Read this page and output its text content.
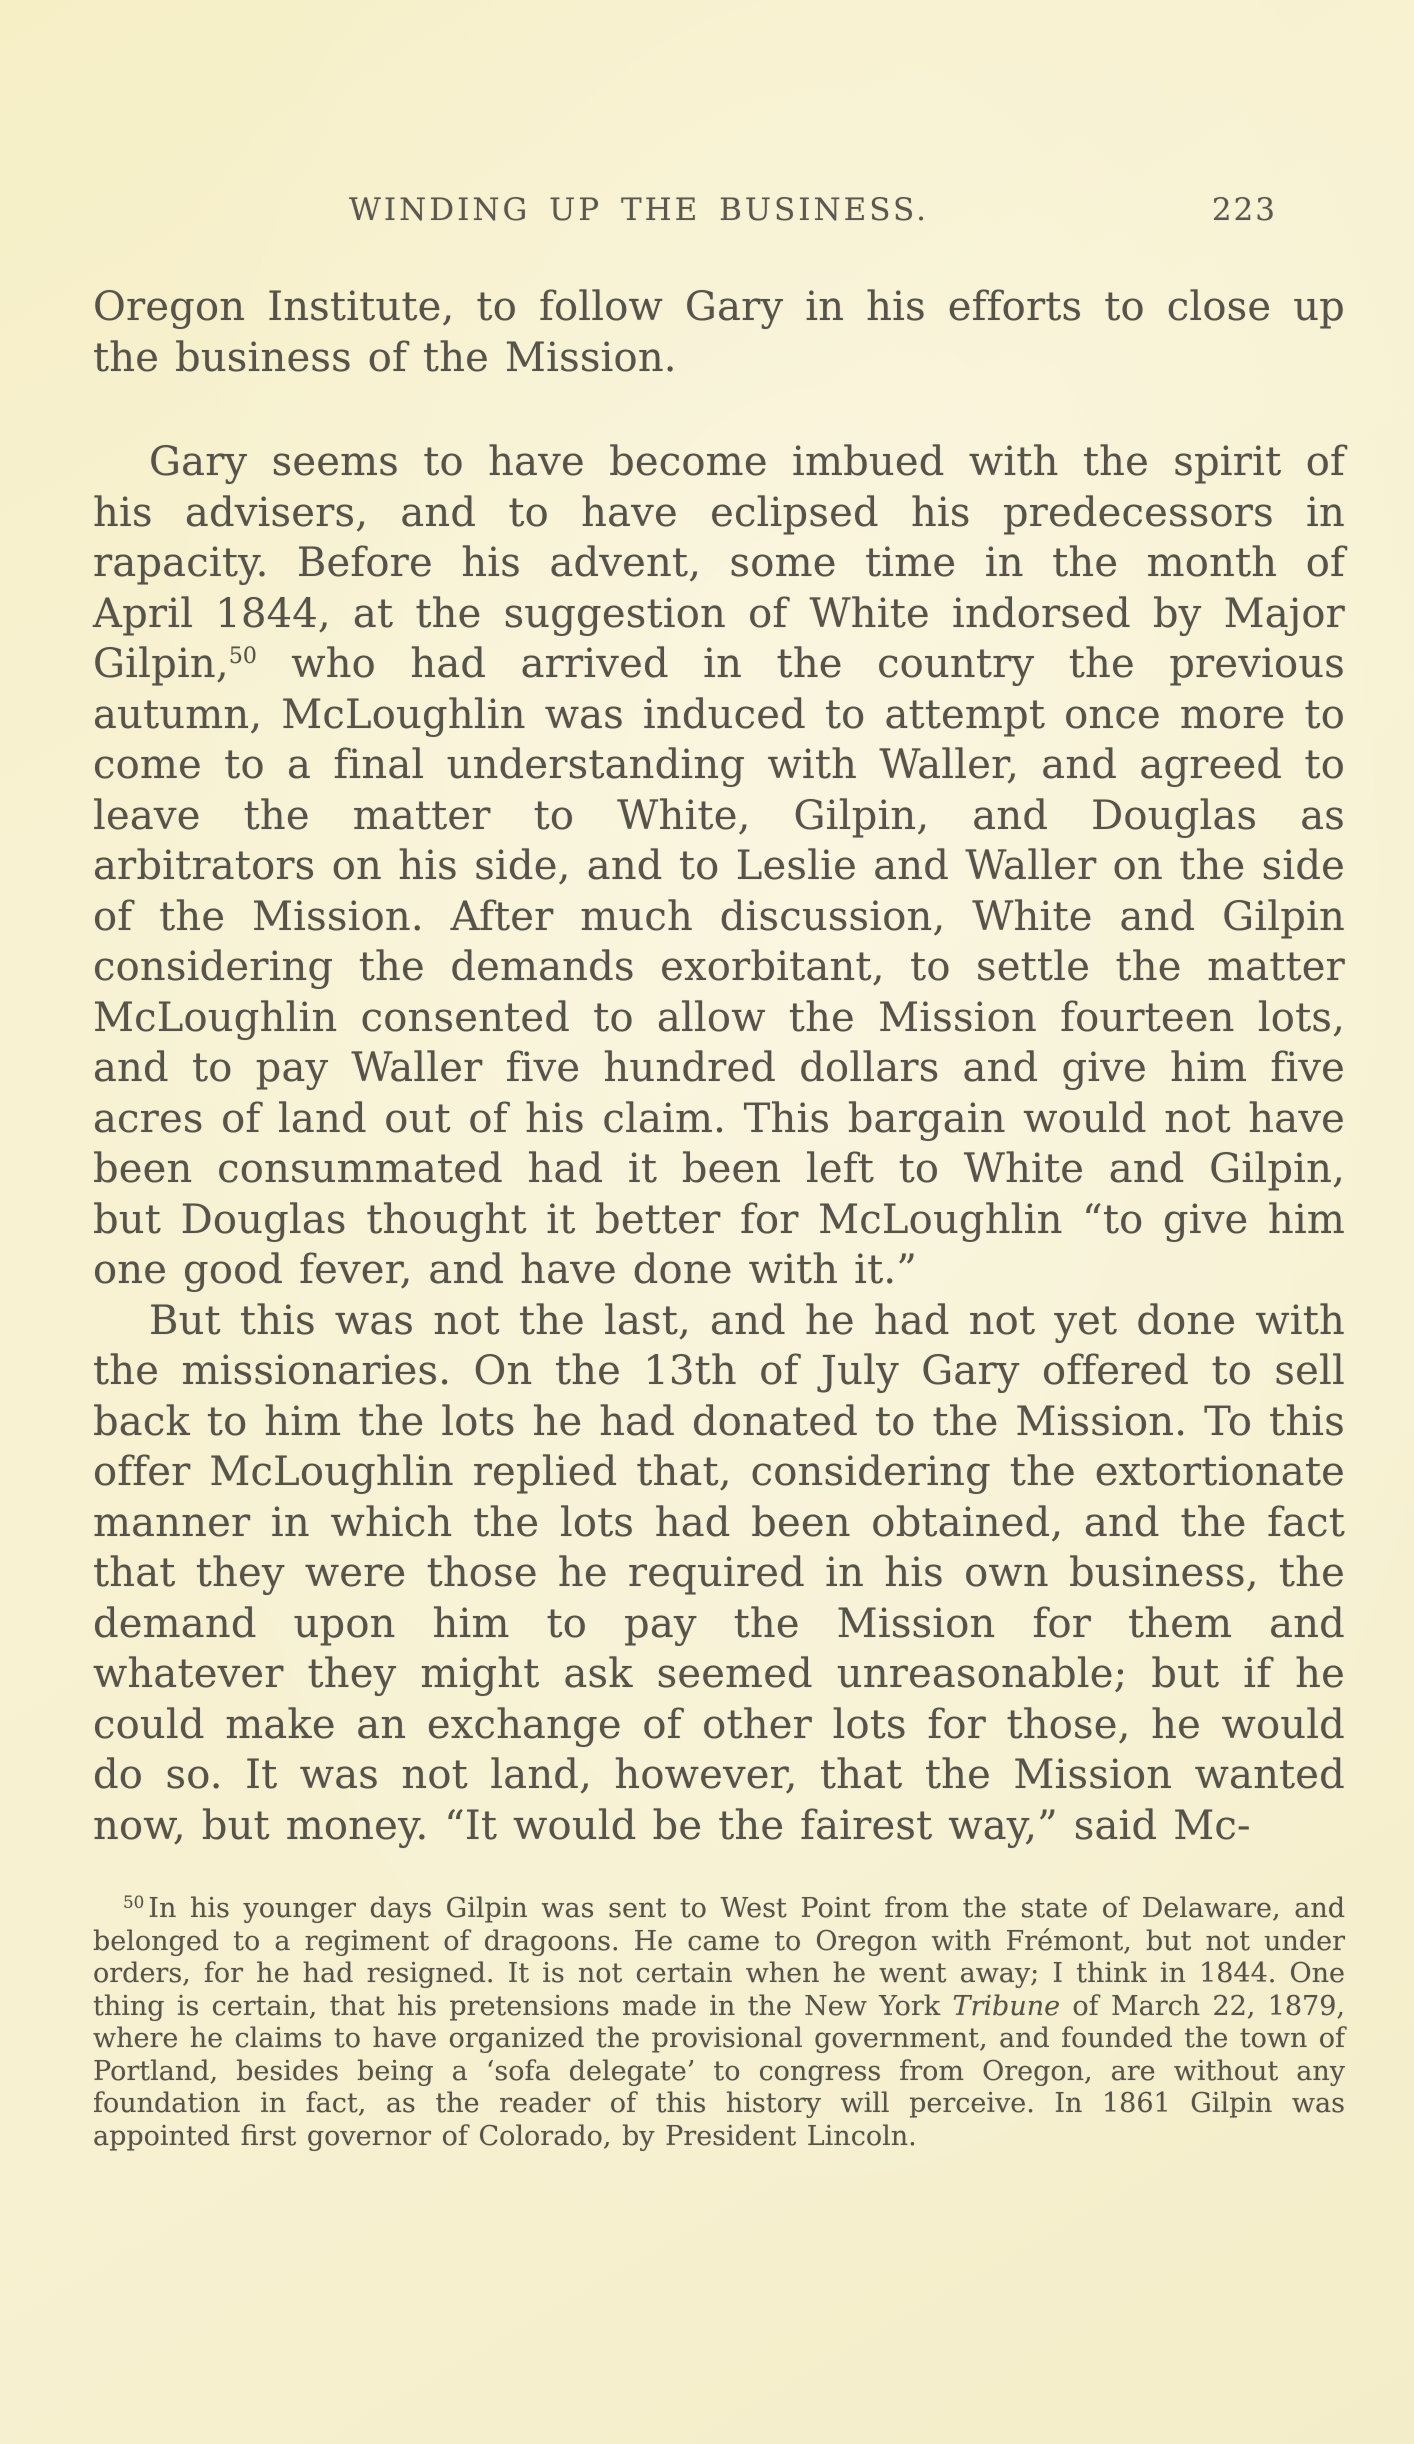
WINDING UP THE BUSINESS.	223

Oregon Institute, to follow Gary in his efforts to close up the business of the Mission.

Gary seems to have become imbued with the spirit of his advisers, and to have eclipsed his predecessors in rapacity. Before his advent, some time in the month of April 1844, at the suggestion of White indorsed by Major Gilpin,$^{50}$ who had arrived in the country the previous autumn, McLoughlin was induced to attempt once more to come to a final understanding with Waller, and agreed to leave the matter to White, Gilpin, and Douglas as arbitrators on his side, and to Leslie and Waller on the side of the Mission. After much discussion, White and Gilpin considering the demands exorbitant, to settle the matter McLoughlin consented to allow the Mission fourteen lots, and to pay Waller five hundred dollars and give him five acres of land out of his claim. This bargain would not have been consummated had it been left to White and Gilpin, but Douglas thought it better for McLoughlin “to give him one good fever, and have done with it.”

But this was not the last, and he had not yet done with the missionaries. On the 13th of July Gary offered to sell back to him the lots he had donated to the Mission. To this offer McLoughlin replied that, considering the extortionate manner in which the lots had been obtained, and the fact that they were those he required in his own business, the demand upon him to pay the Mission for them and whatever they might ask seemed unreasonable; but if he could make an exchange of other lots for those, he would do so. It was not land, however, that the Mission wanted now, but money. “It would be the fairest way,” said Mc-

$^{50}$ In his younger days Gilpin was sent to West Point from the state of Delaware, and belonged to a regiment of dragoons. He came to Oregon with Frémont, but not under orders, for he had resigned. It is not certain when he went away; I think in 1844. One thing is certain, that his pretensions made in the New York Tribune of March 22, 1879, where he claims to have organized the provisional government, and founded the town of Portland, besides being a ‘sofa delegate’ to congress from Oregon, are without any foundation in fact, as the reader of this history will perceive. In 1861 Gilpin was appointed first governor of Colorado, by President Lincoln.
